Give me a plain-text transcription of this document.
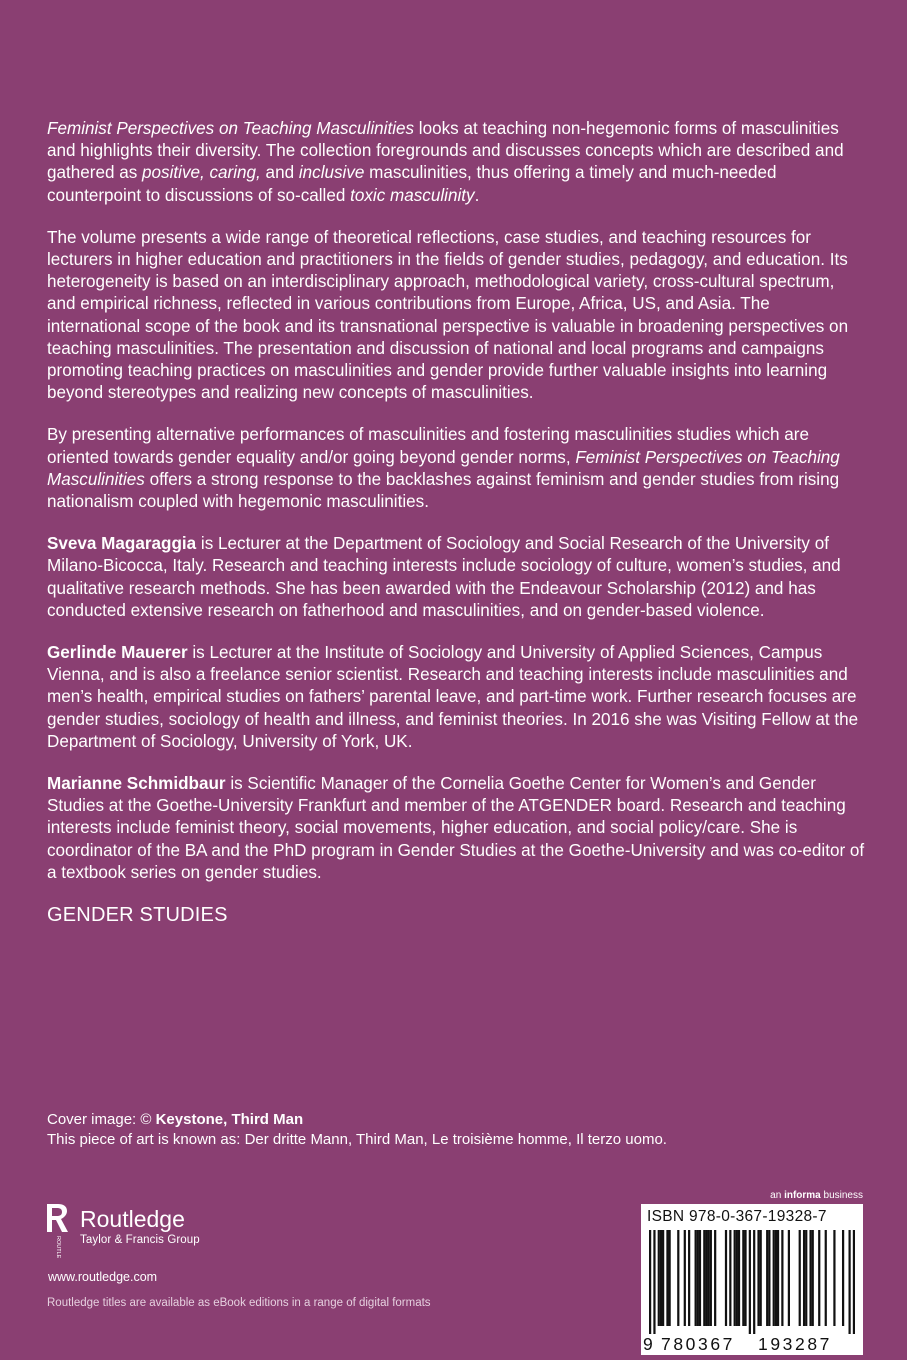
Feminist Perspectives on Teaching Masculinities looks at teaching non-hegemonic forms of masculinities and highlights their diversity. The collection foregrounds and discusses concepts which are described and gathered as positive, caring, and inclusive masculinities, thus offering a timely and much-needed counterpoint to discussions of so-called toxic masculinity.

The volume presents a wide range of theoretical reflections, case studies, and teaching resources for lecturers in higher education and practitioners in the fields of gender studies, pedagogy, and education. Its heterogeneity is based on an interdisciplinary approach, methodological variety, cross-cultural spectrum, and empirical richness, reflected in various contributions from Europe, Africa, US, and Asia. The international scope of the book and its transnational perspective is valuable in broadening perspectives on teaching masculinities. The presentation and discussion of national and local programs and campaigns promoting teaching practices on masculinities and gender provide further valuable insights into learning beyond stereotypes and realizing new concepts of masculinities.

By presenting alternative performances of masculinities and fostering masculinities studies which are oriented towards gender equality and/or going beyond gender norms, Feminist Perspectives on Teaching Masculinities offers a strong response to the backlashes against feminism and gender studies from rising nationalism coupled with hegemonic masculinities.

Sveva Magaraggia is Lecturer at the Department of Sociology and Social Research of the University of Milano-Bicocca, Italy. Research and teaching interests include sociology of culture, women’s studies, and qualitative research methods. She has been awarded with the Endeavour Scholarship (2012) and has conducted extensive research on fatherhood and masculinities, and on gender-based violence.

Gerlinde Mauerer is Lecturer at the Institute of Sociology and University of Applied Sciences, Campus Vienna, and is also a freelance senior scientist. Research and teaching interests include masculinities and men’s health, empirical studies on fathers’ parental leave, and part-time work. Further research focuses are gender studies, sociology of health and illness, and feminist theories. In 2016 she was Visiting Fellow at the Department of Sociology, University of York, UK.

Marianne Schmidbaur is Scientific Manager of the Cornelia Goethe Center for Women’s and Gender Studies at the Goethe-University Frankfurt and member of the ATGENDER board. Research and teaching interests include feminist theory, social movements, higher education, and social policy/care. She is coordinator of the BA and the PhD program in Gender Studies at the Goethe-University and was co-editor of a textbook series on gender studies.

GENDER STUDIES
Cover image: © Keystone, Third Man
This piece of art is known as: Der dritte Mann, Third Man, Le troisième homme, Il terzo uomo.
ROUTLEDGE
Routledge
Taylor & Francis Group
www.routledge.com
Routledge titles are available as eBook editions in a range of digital formats
an informa business
ISBN 978-0-367-19328-7
9 780367 193287
